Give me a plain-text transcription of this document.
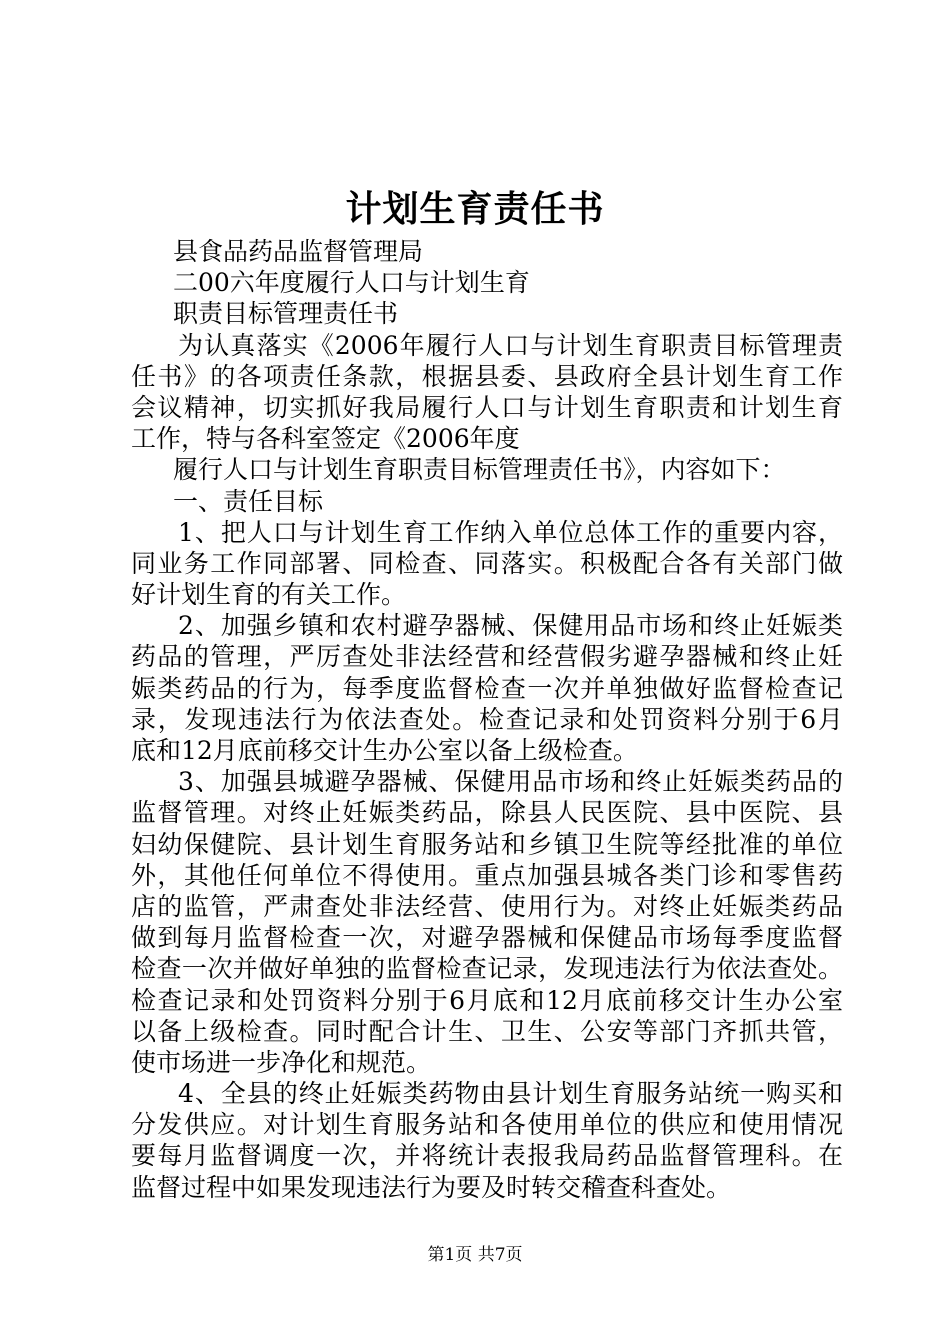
计划生育责任书
县食品药品监督管理局
二00六年度履行人口与计划生育
职责目标管理责任书
为认真落实《2006年履行人口与计划生育职责目标管理责
任书》的各项责任条款，根据县委、县政府全县计划生育工作
会议精神，切实抓好我局履行人口与计划生育职责和计划生育
工作，特与各科室签定《2006年度
履行人口与计划生育职责目标管理责任书》，内容如下：
一、责任目标
1、把人口与计划生育工作纳入单位总体工作的重要内容，
同业务工作同部署、同检查、同落实。积极配合各有关部门做
好计划生育的有关工作。
2、加强乡镇和农村避孕器械、保健用品市场和终止妊娠类
药品的管理，严厉查处非法经营和经营假劣避孕器械和终止妊
娠类药品的行为，每季度监督检查一次并单独做好监督检查记
录，发现违法行为依法查处。检查记录和处罚资料分别于6月
底和12月底前移交计生办公室以备上级检查。
3、加强县城避孕器械、保健用品市场和终止妊娠类药品的
监督管理。对终止妊娠类药品，除县人民医院、县中医院、县
妇幼保健院、县计划生育服务站和乡镇卫生院等经批准的单位
外，其他任何单位不得使用。重点加强县城各类门诊和零售药
店的监管，严肃查处非法经营、使用行为。对终止妊娠类药品
做到每月监督检查一次，对避孕器械和保健品市场每季度监督
检查一次并做好单独的监督检查记录，发现违法行为依法查处。
检查记录和处罚资料分别于6月底和12月底前移交计生办公室
以备上级检查。同时配合计生、卫生、公安等部门齐抓共管，
使市场进一步净化和规范。
4、全县的终止妊娠类药物由县计划生育服务站统一购买和
分发供应。对计划生育服务站和各使用单位的供应和使用情况
要每月监督调度一次，并将统计表报我局药品监督管理科。在
监督过程中如果发现违法行为要及时转交稽查科查处。
第1页 共7页
